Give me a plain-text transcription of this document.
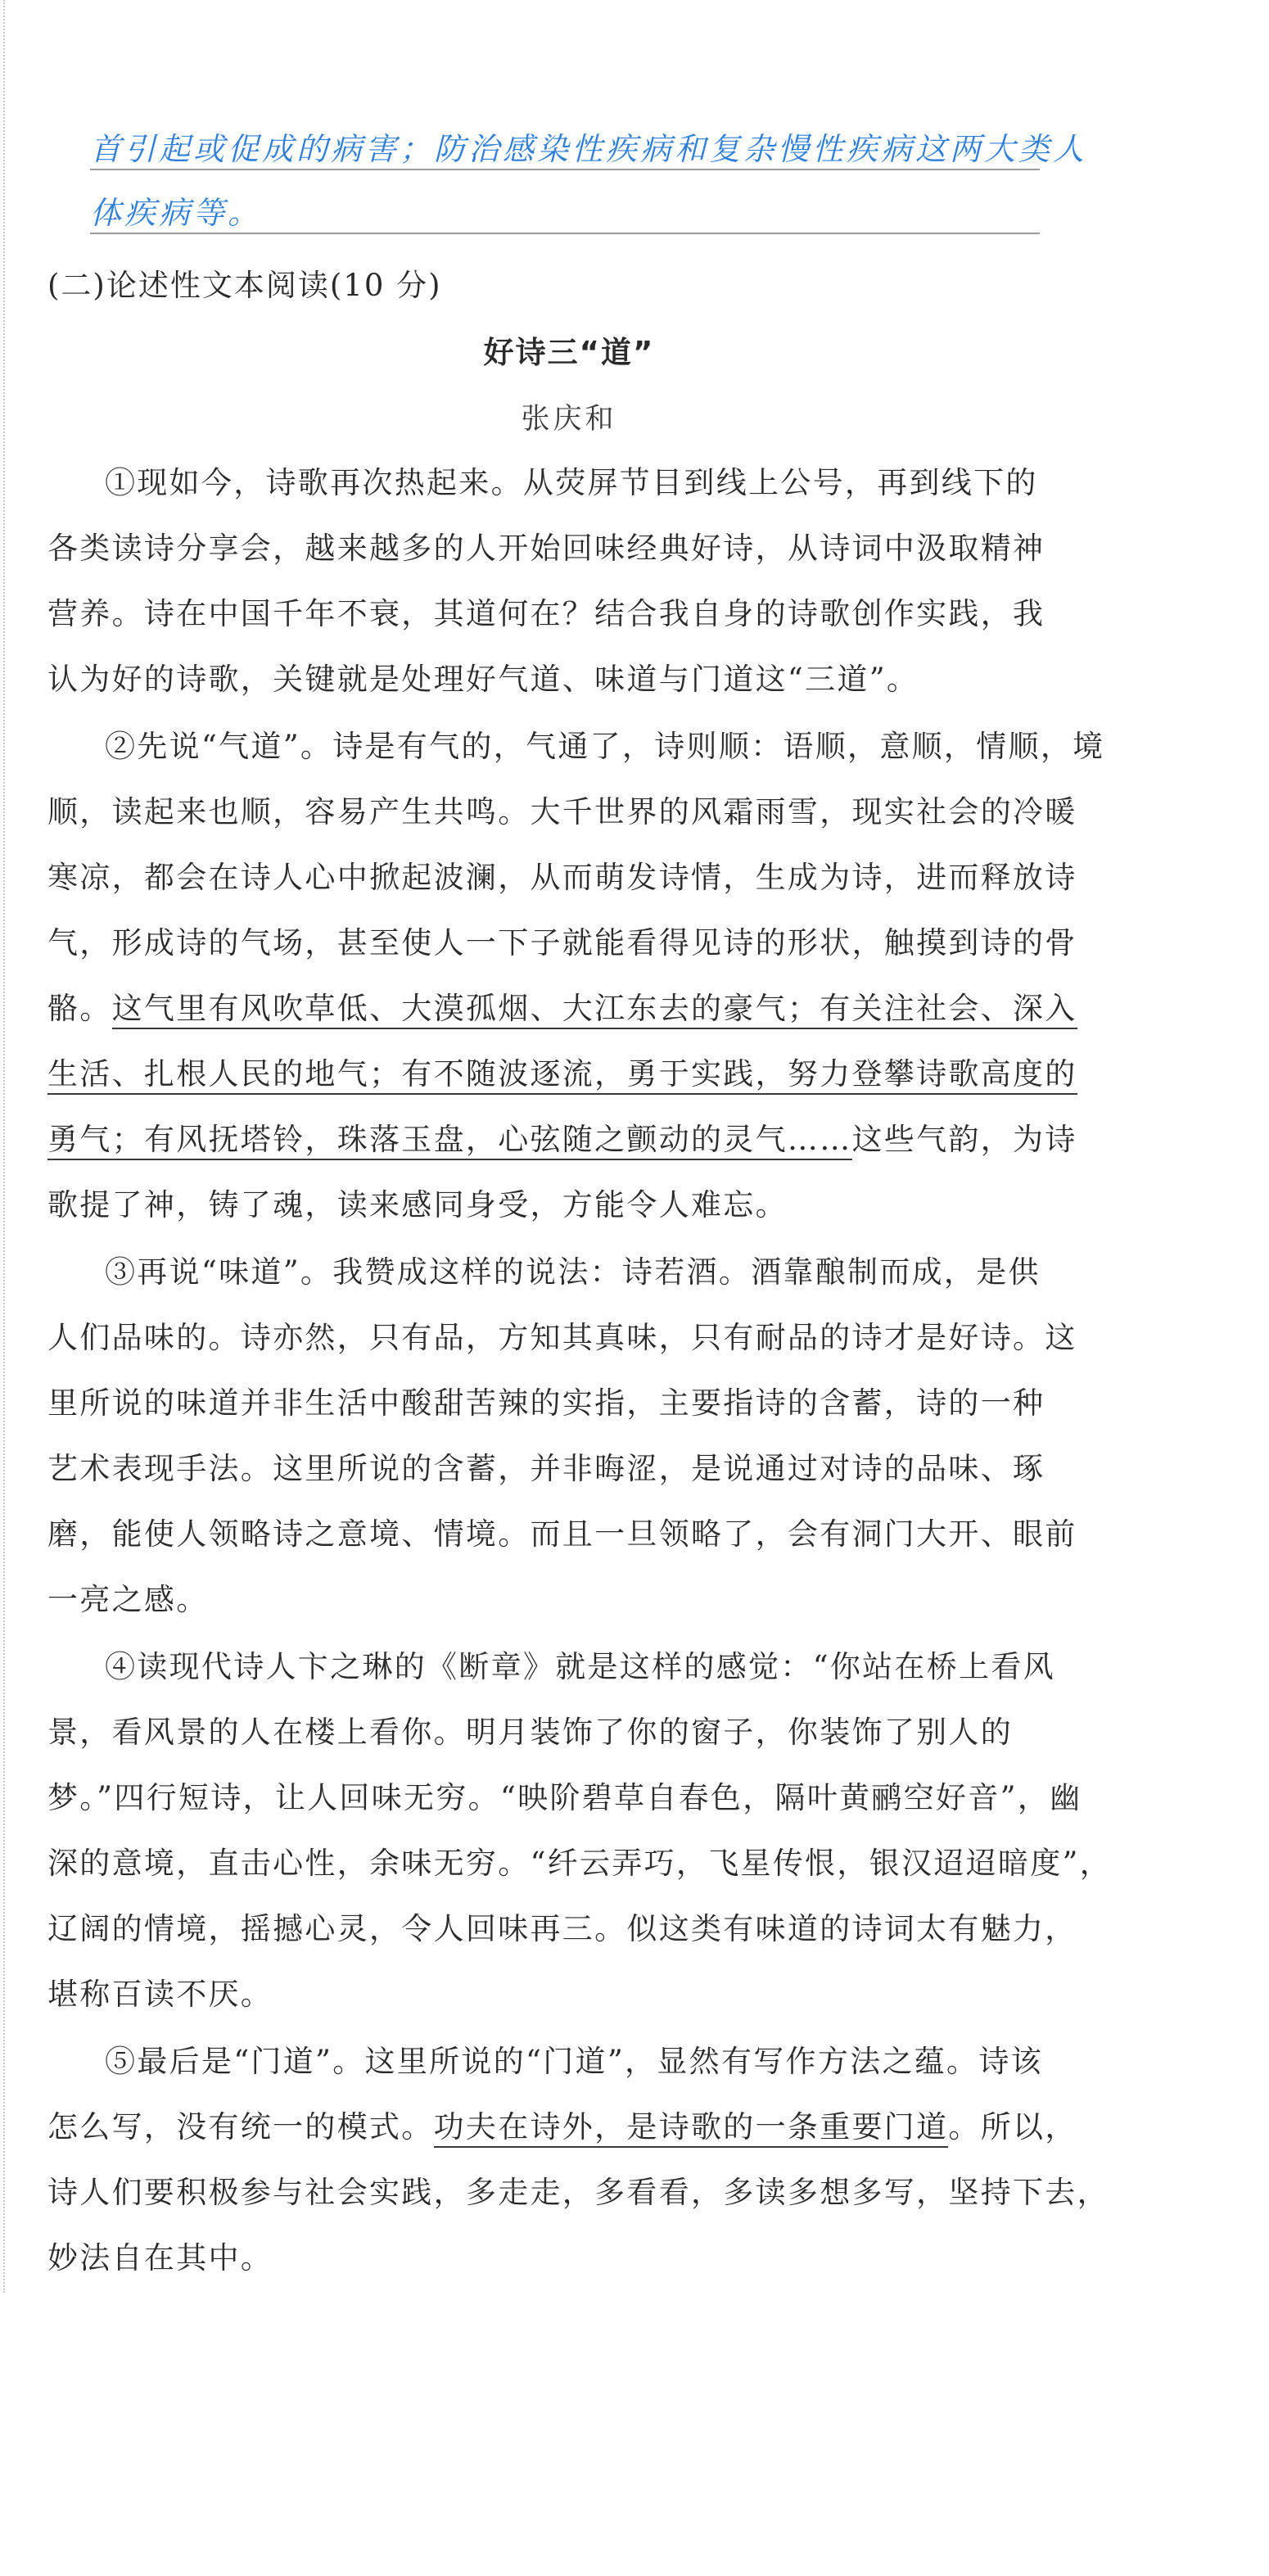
首引起或促成的病害；防治感染性疾病和复杂慢性疾病这两大类人
体疾病等。
(二)论述性文本阅读(10 分)
好诗三“道”
张庆和
①现如今，诗歌再次热起来。从荧屏节目到线上公号，再到线下的
各类读诗分享会，越来越多的人开始回味经典好诗，从诗词中汲取精神
营养。诗在中国千年不衰，其道何在？结合我自身的诗歌创作实践，我
认为好的诗歌，关键就是处理好气道、味道与门道这“三道”。
②先说“气道”。诗是有气的，气通了，诗则顺：语顺，意顺，情顺，境
顺，读起来也顺，容易产生共鸣。大千世界的风霜雨雪，现实社会的冷暖
寒凉，都会在诗人心中掀起波澜，从而萌发诗情，生成为诗，进而释放诗
气，形成诗的气场，甚至使人一下子就能看得见诗的形状，触摸到诗的骨
骼。这气里有风吹草低、大漠孤烟、大江东去的豪气；有关注社会、深入
生活、扎根人民的地气；有不随波逐流，勇于实践，努力登攀诗歌高度的
勇气；有风抚塔铃，珠落玉盘，心弦随之颤动的灵气……这些气韵，为诗
歌提了神，铸了魂，读来感同身受，方能令人难忘。
③再说“味道”。我赞成这样的说法：诗若酒。酒靠酿制而成，是供
人们品味的。诗亦然，只有品，方知其真味，只有耐品的诗才是好诗。这
里所说的味道并非生活中酸甜苦辣的实指，主要指诗的含蓄，诗的一种
艺术表现手法。这里所说的含蓄，并非晦涩，是说通过对诗的品味、琢
磨，能使人领略诗之意境、情境。而且一旦领略了，会有洞门大开、眼前
一亮之感。
④读现代诗人卞之琳的《断章》就是这样的感觉：“你站在桥上看风
景，看风景的人在楼上看你。明月装饰了你的窗子，你装饰了别人的
梦。”四行短诗，让人回味无穷。“映阶碧草自春色，隔叶黄鹂空好音”，幽
深的意境，直击心性，余味无穷。“纤云弄巧，飞星传恨，银汉迢迢暗度”，
辽阔的情境，摇撼心灵，令人回味再三。似这类有味道的诗词太有魅力，
堪称百读不厌。
⑤最后是“门道”。这里所说的“门道”，显然有写作方法之蕴。诗该
怎么写，没有统一的模式。功夫在诗外，是诗歌的一条重要门道。所以，
诗人们要积极参与社会实践，多走走，多看看，多读多想多写，坚持下去，
妙法自在其中。
